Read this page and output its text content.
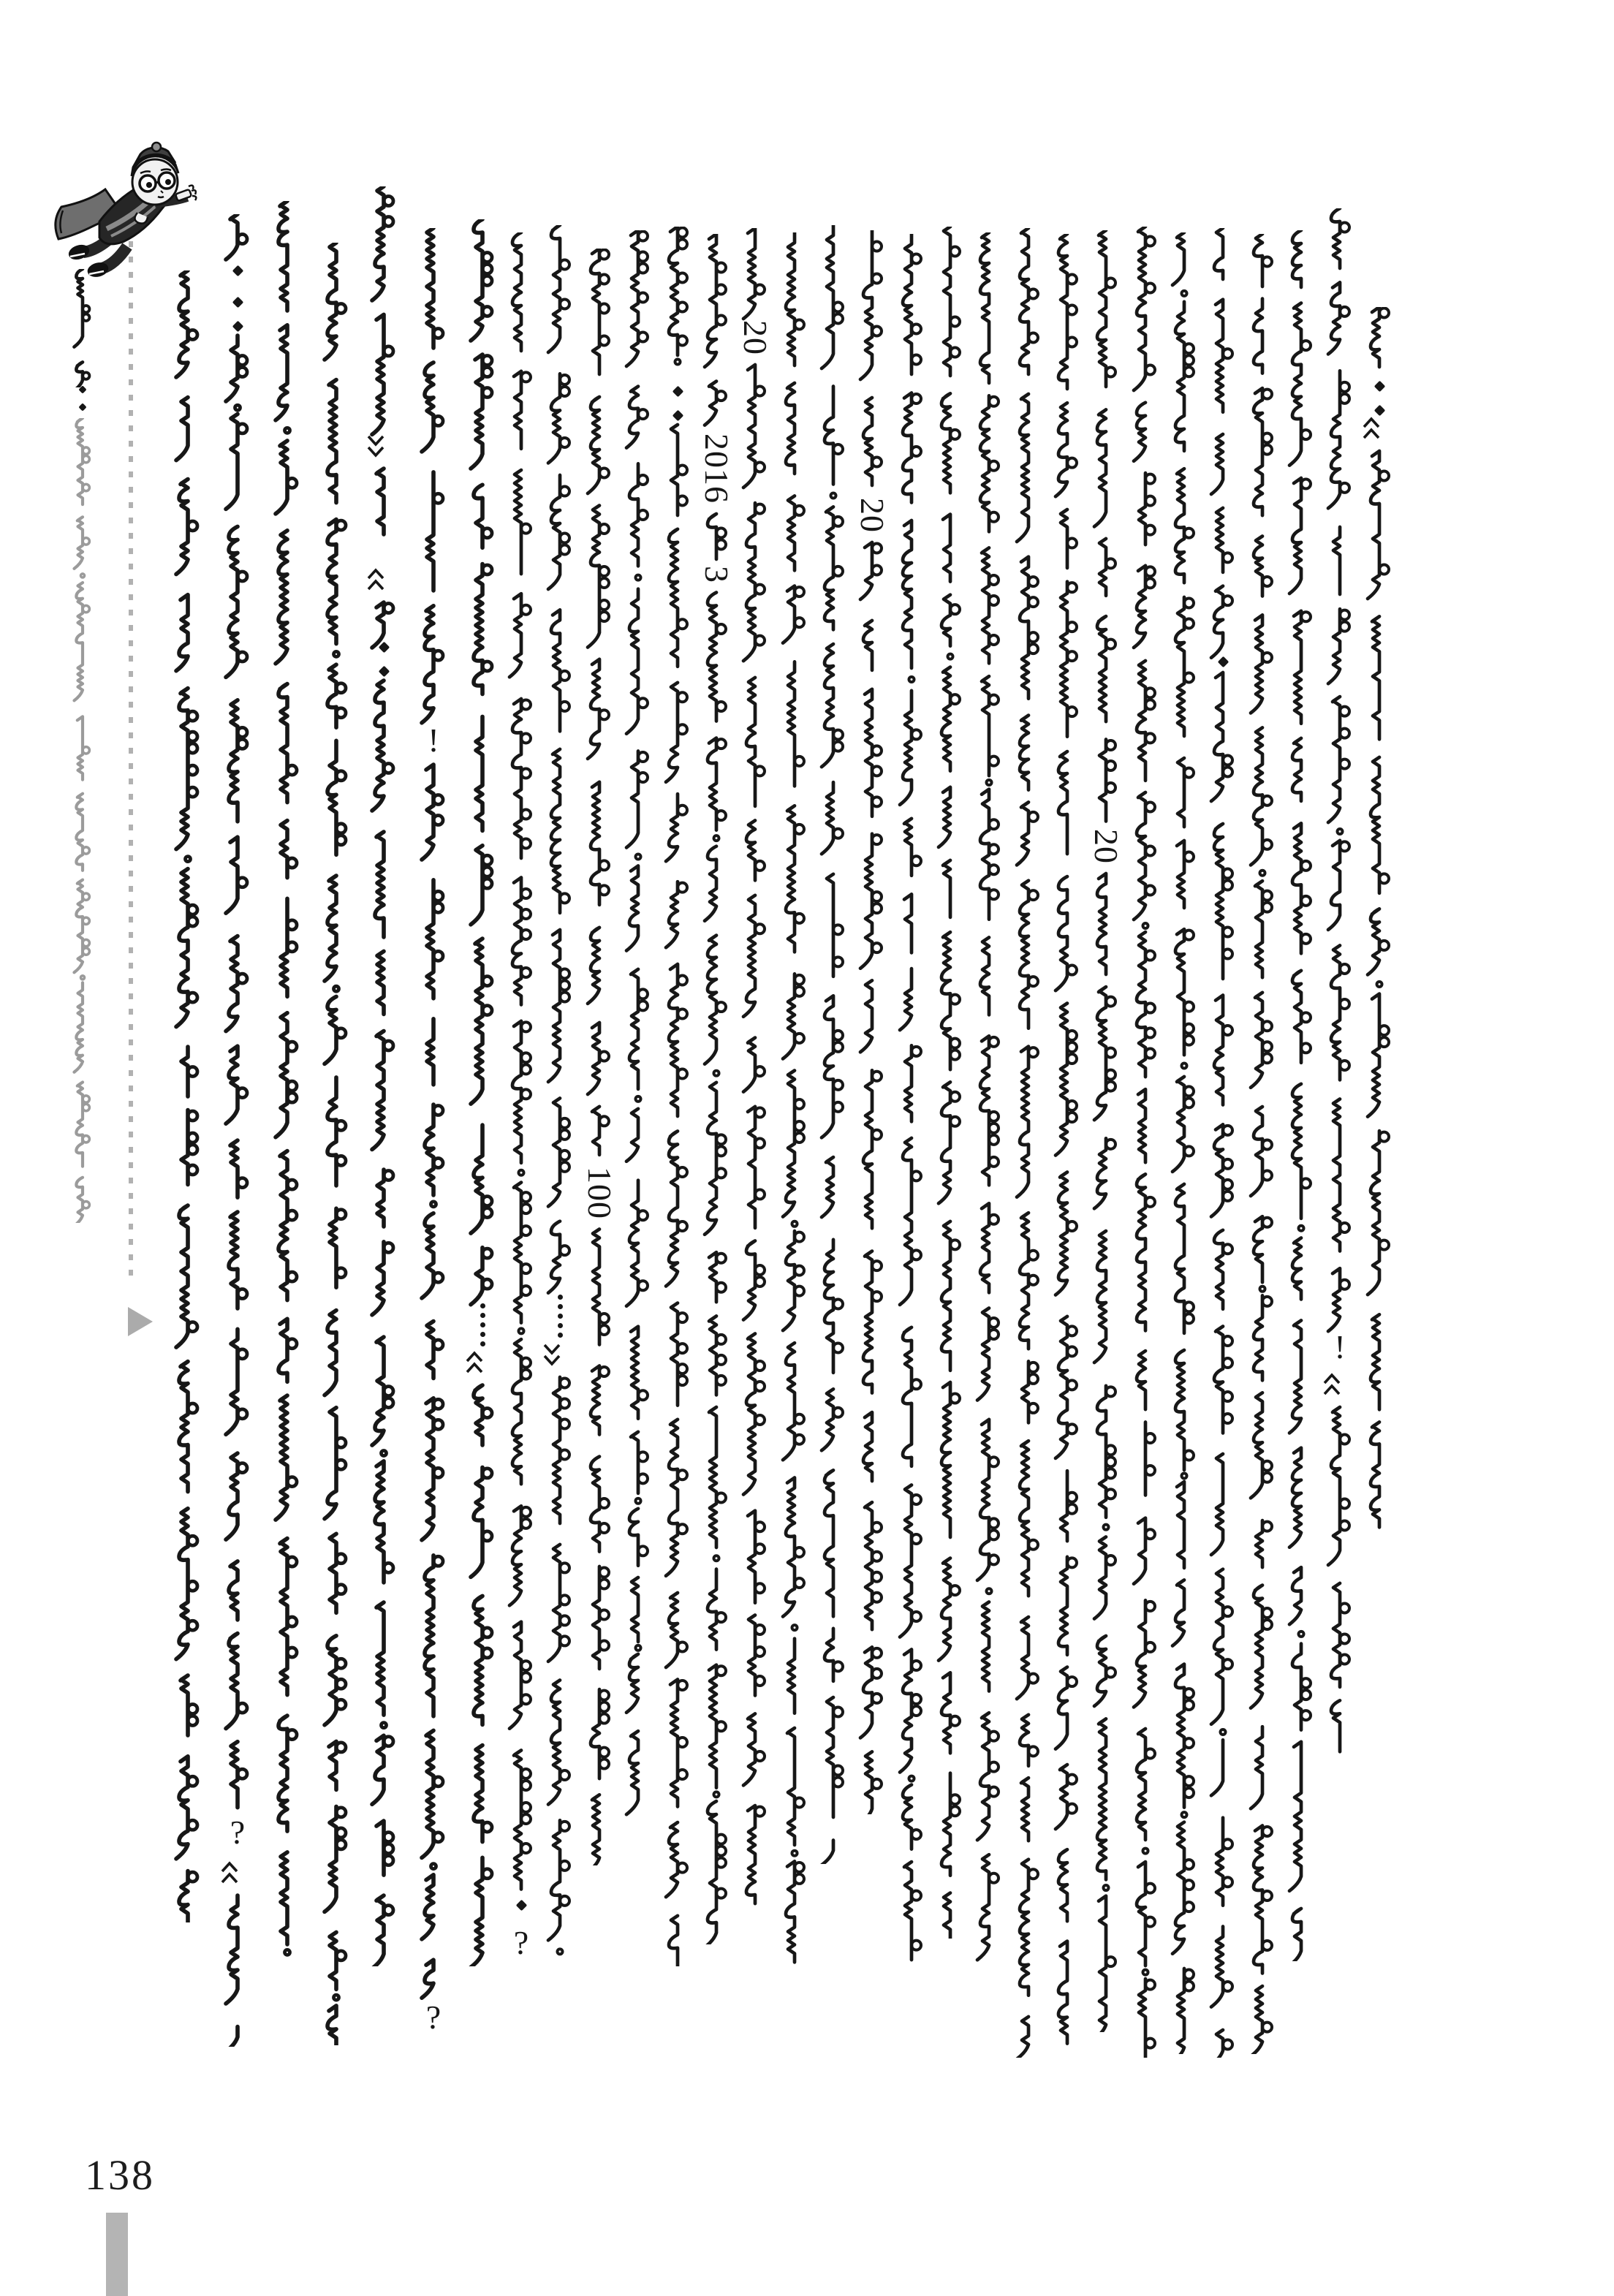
?
!
?
?
100
2016
3
20
20
20
!
138
